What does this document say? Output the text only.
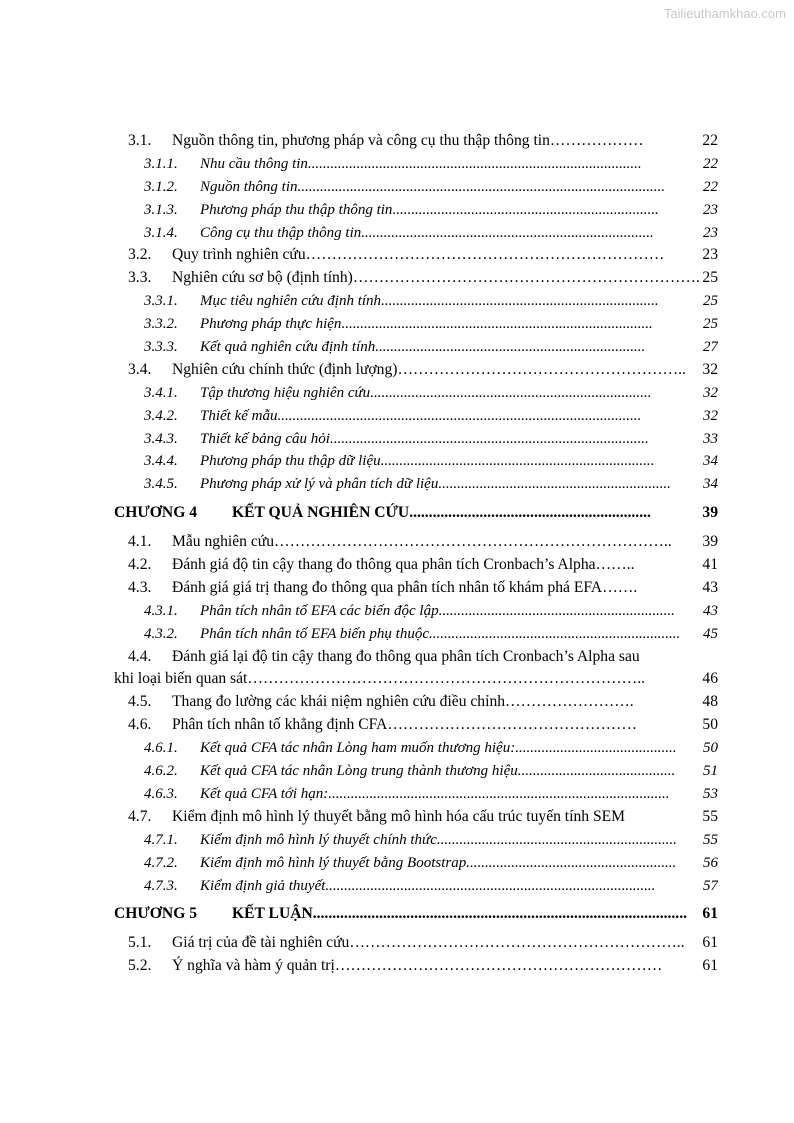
Tailieuthamkhao.com
3.1. Nguồn thông tin, phương pháp và công cụ thu thập thông tin ………………	22
3.1.1. Nhu cầu thông tin .........................................................................................	22
3.1.2. Nguồn thông tin ..................................................................................................	22
3.1.3. Phương pháp thu thập thông tin .......................................................................	23
3.1.4. Công cụ thu thập thông tin ..............................................................................	23
3.2. Quy trình nghiên cứu ……………………………………………………………	23
3.3. Nghiên cứu sơ bộ (định tính) …………………………………………………………. 25
3.3.1. Mục tiêu nghiên cứu định tính ..........................................................................	25
3.3.2. Phương pháp thực hiện ...................................................................................	25
3.3.3. Kết quả nghiên cứu định tính ........................................................................	27
3.4. Nghiên cứu chính thức (định lượng) ………………………………………………..	32
3.4.1. Tập thương hiệu nghiên cứu ...........................................................................	32
3.4.2. Thiết kế mẫu .................................................................................................	32
3.4.3. Thiết kế bảng câu hỏi .....................................................................................	33
3.4.4. Phương pháp thu thập dữ liệu .........................................................................	34
3.4.5. Phương pháp xử lý và phân tích dữ liệu ..............................................................	34
CHƯƠNG 4 KẾT QUẢ NGHIÊN CỨU ..............................................................	39
4.1. Mẫu nghiên cứu …………………………………………………………………..	39
4.2. Đánh giá độ tin cậy thang đo thông qua phân tích Cronbach’s Alpha ……..	41
4.3. Đánh giá giá trị thang đo thông qua phân tích nhân tố khám phá EFA …….	43
4.3.1. Phân tích nhân tố EFA các biến độc lập ...............................................................	43
4.3.2. Phân tích nhân tố EFA biến phụ thuộc ...................................................................	45
4.4. Đánh giá lại độ tin cậy thang đo thông qua phân tích Cronbach’s Alpha sau
khi loại biến quan sát …………………………………………………………………..	46
4.5. Thang đo lường các khái niệm nghiên cứu điều chỉnh …………………….	48
4.6. Phân tích nhân tố khẳng định CFA …………………………………………	50
4.6.1. Kết quả CFA tác nhân Lòng ham muốn thương hiệu: ...........................................	50
4.6.2. Kết quả CFA tác nhân Lòng trung thành thương hiệu ..........................................	51
4.6.3. Kết quả CFA tới hạn: ...........................................................................................	53
4.7. Kiểm định mô hình lý thuyết bằng mô hình hóa cấu trúc tuyến tính SEM	55
4.7.1. Kiểm định mô hình lý thuyết chính thức ................................................................	55
4.7.2. Kiểm định mô hình lý thuyết bằng Bootstrap ........................................................	56
4.7.3. Kiểm định giả thuyết ........................................................................................	57
CHƯƠNG 5 KẾT LUẬN ................................................................................................ 61
5.1. Giá trị của đề tài nghiên cứu ………………………………………………………..	61
5.2. Ý nghĩa và hàm ý quản trị ………………………………………………………	61
